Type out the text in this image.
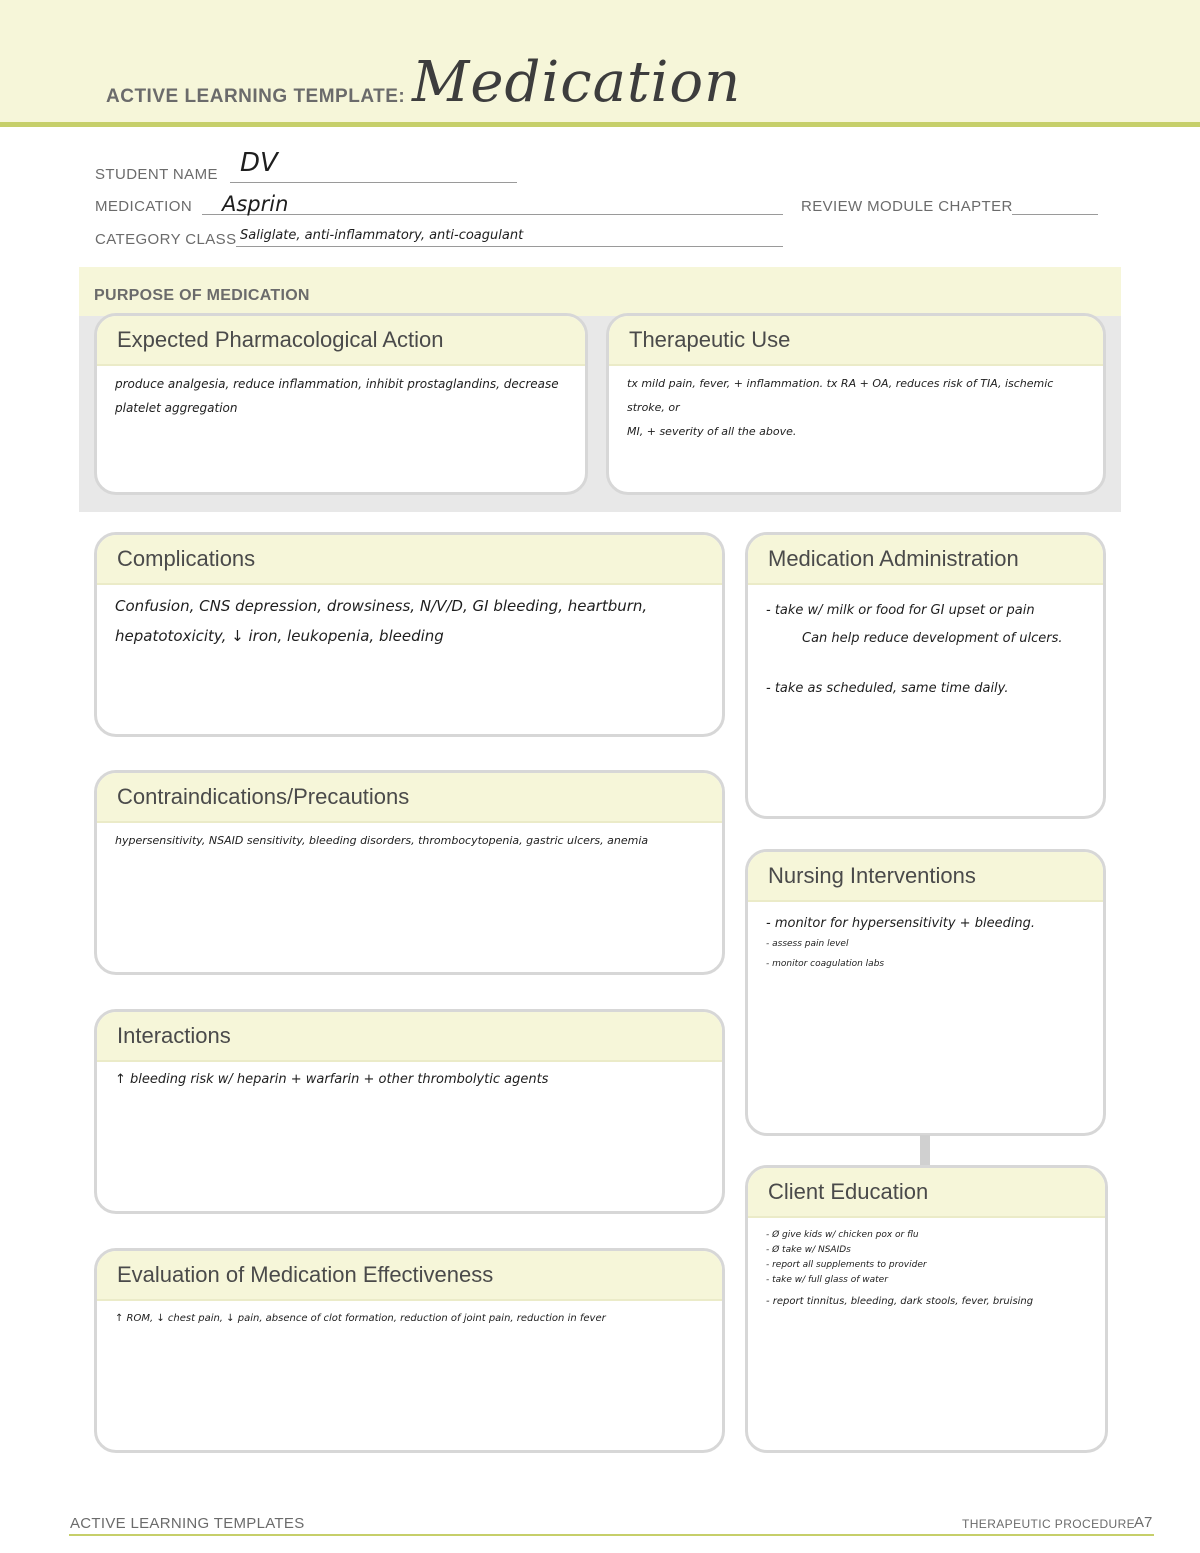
ACTIVE LEARNING TEMPLATE: Medication
STUDENT NAME DV
MEDICATION Asprin	REVIEW MODULE CHAPTER
CATEGORY CLASS Saliglate, anti-inflammatory, anti-coagulant
PURPOSE OF MEDICATION
Expected Pharmacological Action

produce analgesia, reduce inflammation, inhibit prostaglandins, decrease

platelet aggregation

Therapeutic Use

tx mild pain, fever, + inflammation. tx RA + OA, reduces risk of TIA, ischemic stroke, or

MI, + severity of all the above.

Complications

Confusion, CNS depression, drowsiness, N/V/D, GI bleeding, heartburn,

hepatotoxicity, ↓ iron, leukopenia, bleeding

Contraindications/Precautions

hypersensitivity, NSAID sensitivity, bleeding disorders, thrombocytopenia, gastric ulcers, anemia

Interactions

↑ bleeding risk w/ heparin + warfarin + other thrombolytic agents

Evaluation of Medication Effectiveness

↑ ROM, ↓ chest pain, ↓ pain, absence of clot formation, reduction of joint pain, reduction in fever

Medication Administration

- take w/ milk or food for GI upset or pain

Can help reduce development of ulcers.

- take as scheduled, same time daily.

Nursing Interventions

- monitor for hypersensitivity + bleeding.

- assess pain level

- monitor coagulation labs

Client Education

- Ø give kids w/ chicken pox or flu

- Ø take w/ NSAIDs

- report all supplements to provider

- take w/ full glass of water

- report tinnitus, bleeding, dark stools, fever, bruising

ACTIVE LEARNING TEMPLATES	THERAPEUTIC PROCEDURE
A7
